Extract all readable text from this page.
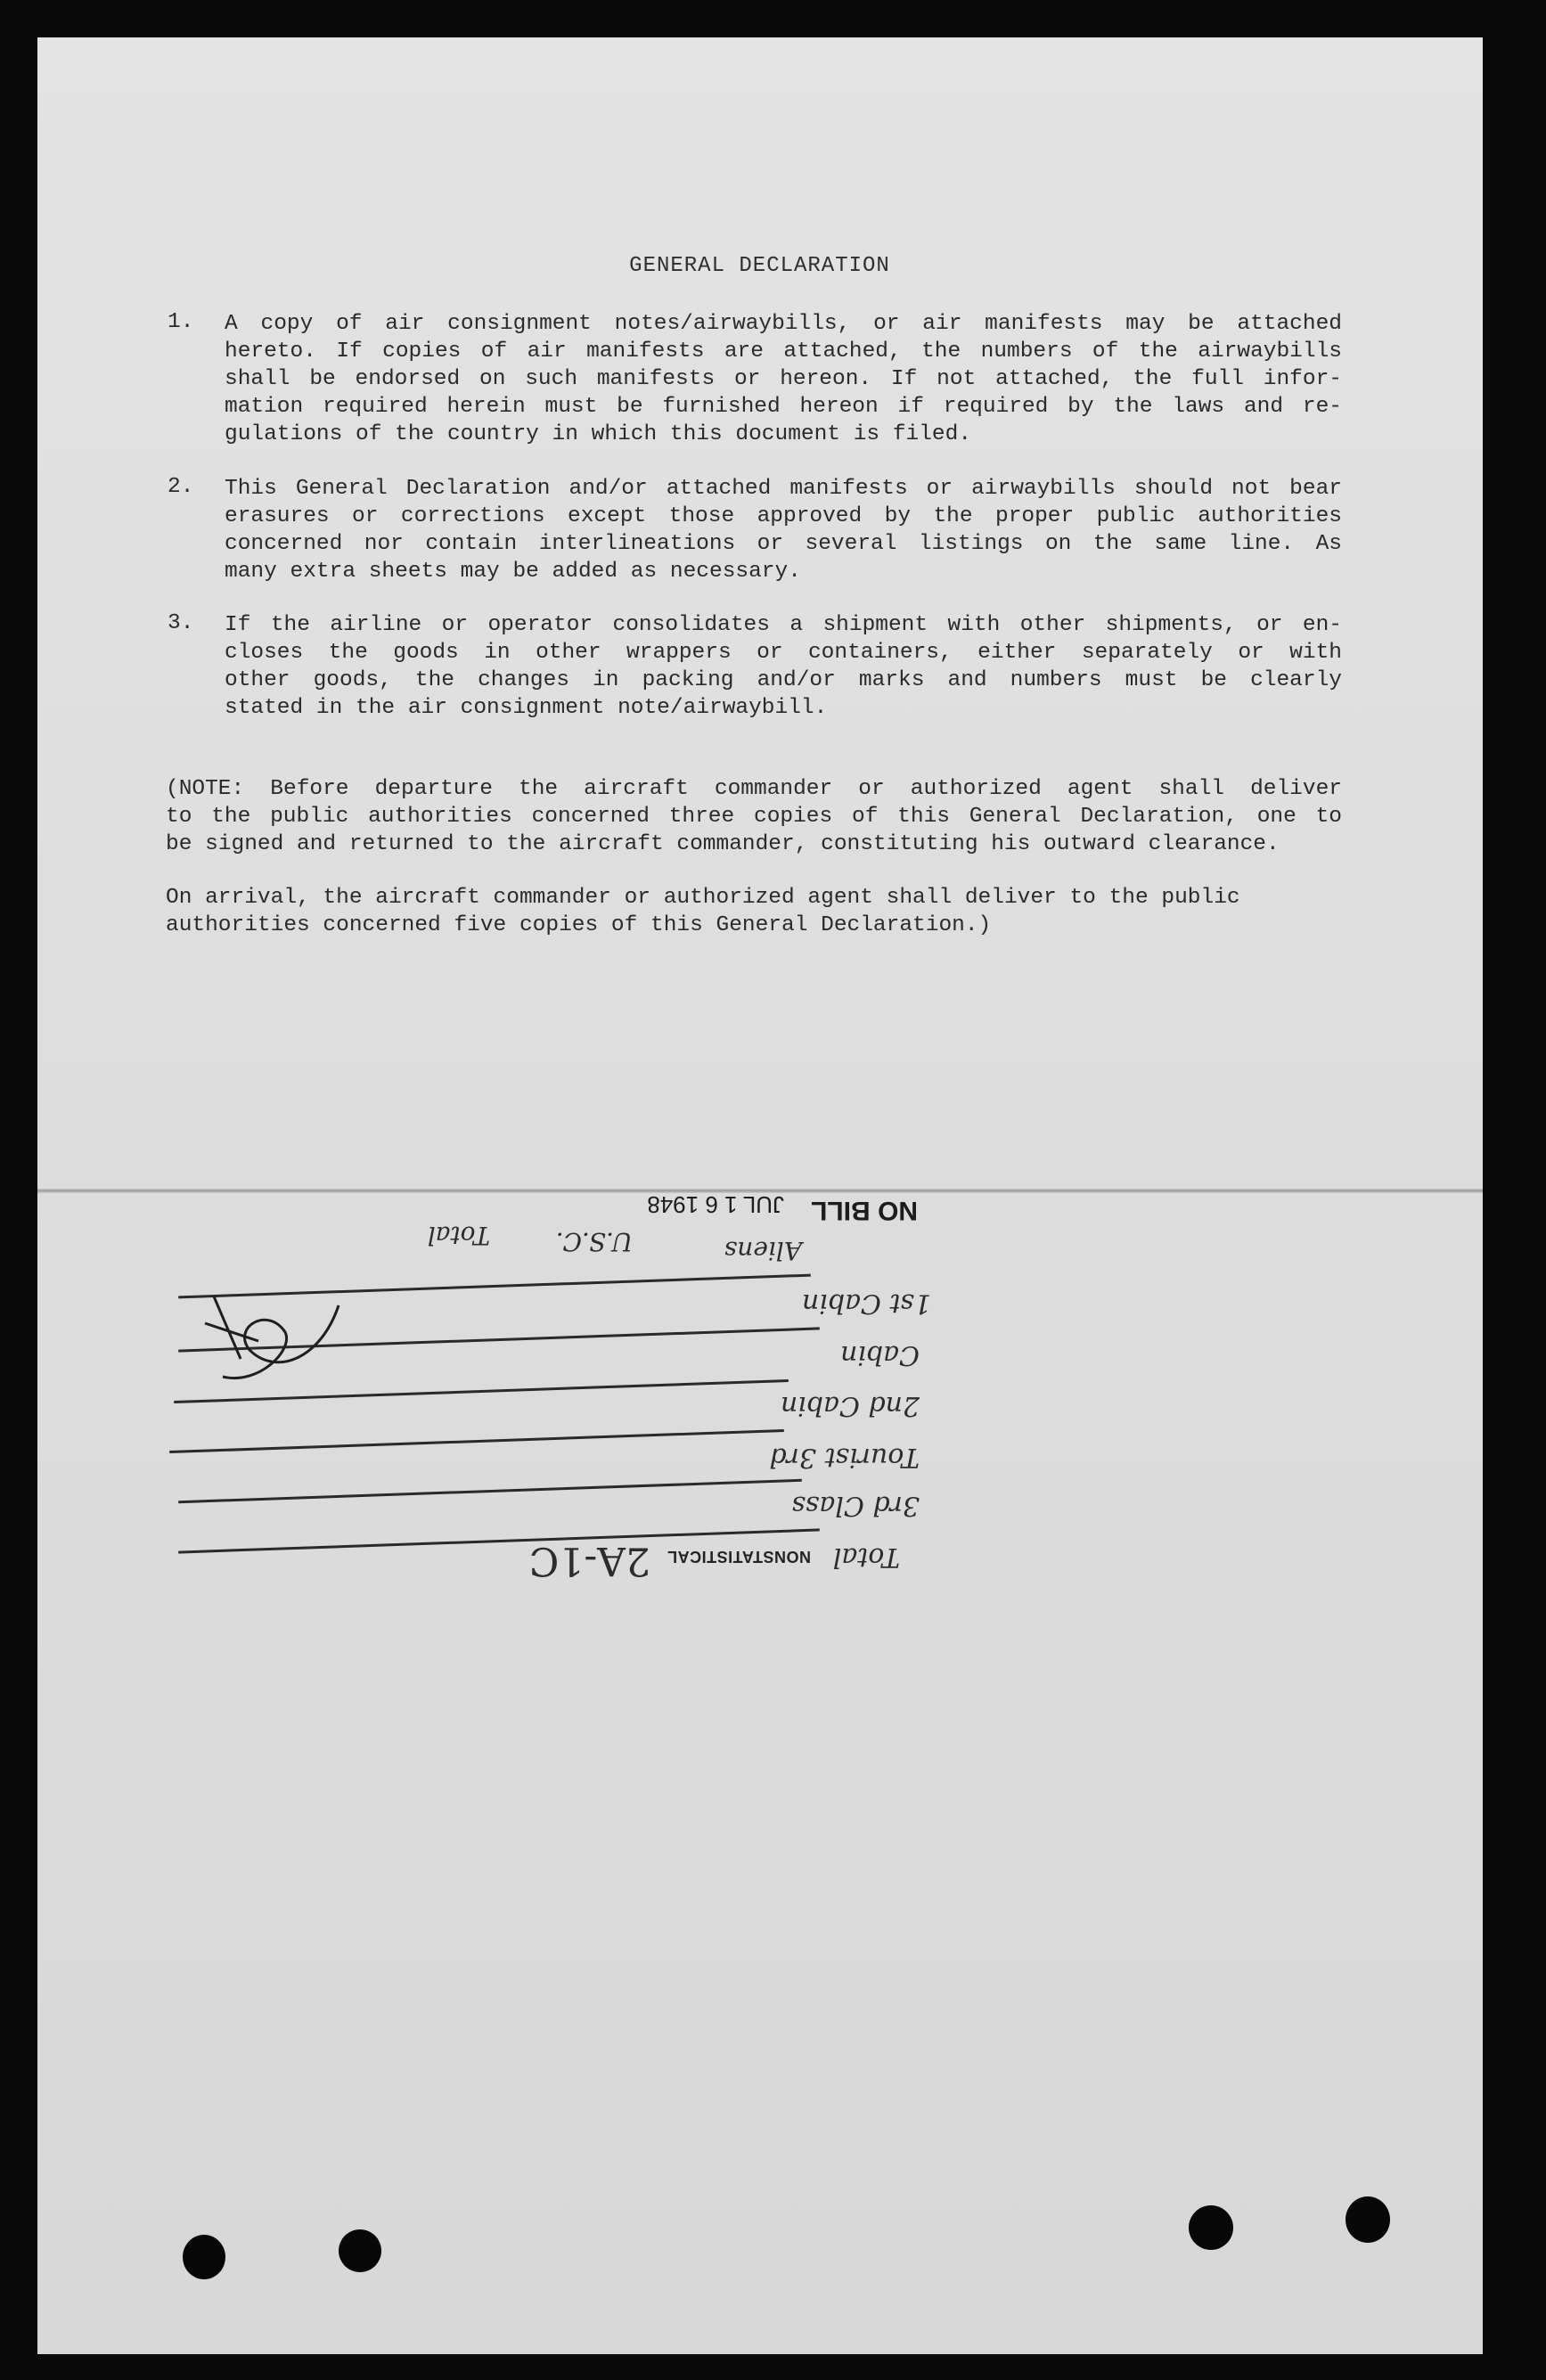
GENERAL DECLARATION
1. A copy of air consignment notes/airwaybills, or air manifests may be attached
hereto. If copies of air manifests are attached, the numbers of the airwaybills
shall be endorsed on such manifests or hereon. If not attached, the full infor-
mation required herein must be furnished hereon if required by the laws and re-
gulations of the country in which this document is filed.
2. This General Declaration and/or attached manifests or airwaybills should not bear
erasures or corrections except those approved by the proper public authorities
concerned nor contain interlineations or several listings on the same line. As
many extra sheets may be added as necessary.
3. If the airline or operator consolidates a shipment with other shipments, or en-
closes the goods in other wrappers or containers, either separately or with
other goods, the changes in packing and/or marks and numbers must be clearly
stated in the air consignment note/airwaybill.
(NOTE: Before departure the aircraft commander or authorized agent shall deliver
to the public authorities concerned three copies of this General Declaration, one to
be signed and returned to the aircraft commander, constituting his outward clearance.
On arrival, the aircraft commander or authorized agent shall deliver to the public
authorities concerned five copies of this General Declaration.)
1st Cabin
Cabin
2nd Cabin
Tourist 3rd
3rd Class
Total
NONSTATISTICAL
2A-1C
Aliens
U.S.C.
Total
NO BILL
JUL 1 6 1948
